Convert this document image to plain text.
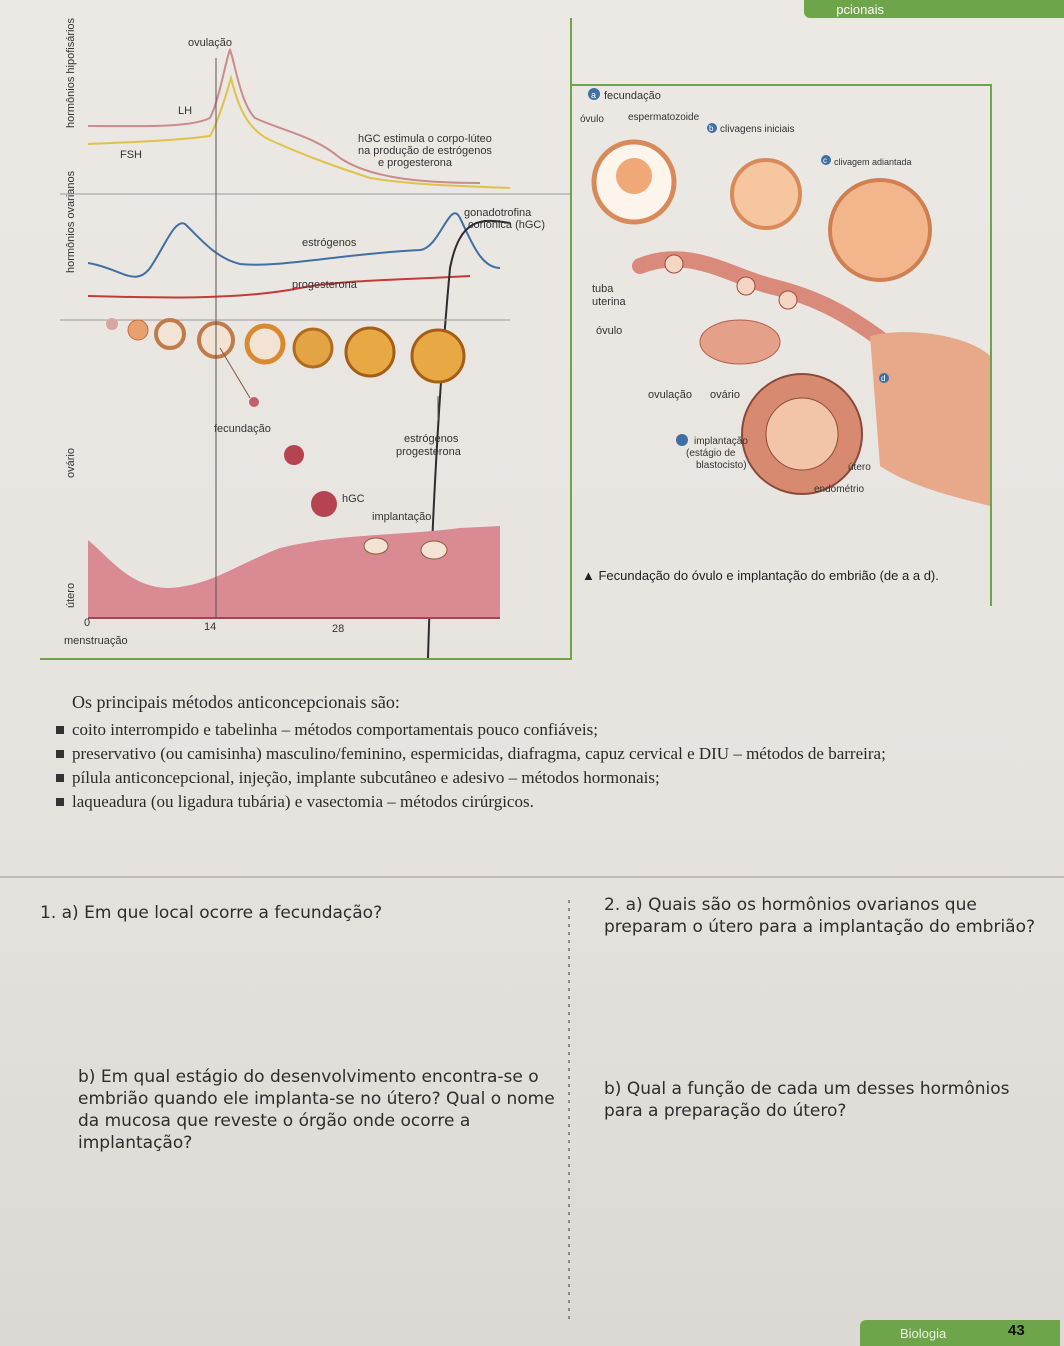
pcionais
hormônios hipofisários
hormônios ovarianos
ovário
útero
ovulação
LH
FSH
hGC estimula o corpo-lúteo
na produção de estrógenos
e progesterona
estrógenos
progesterona
gonadotrofina
coriônica (hGC)
fecundação
estrógenos
progesterona
hGC
implantação
0	14	28
menstruação
a fecundação
óvulo espermatozoide
b clivagens iniciais
c clivagem adiantada
tuba
uterina
óvulo
ovulação ovário
d
implantação
(estágio de
blastocisto)	útero
endométrio
▲ Fecundação do óvulo e implantação do embrião (de a a d).
Os principais métodos anticoncepcionais são:
coito interrompido e tabelinha – métodos comportamentais pouco confiáveis;
preservativo (ou camisinha) masculino/feminino, espermicidas, diafragma, capuz cervical e DIU – métodos de barreira;
pílula anticoncepcional, injeção, implante subcutâneo e adesivo – métodos hormonais;
laqueadura (ou ligadura tubária) e vasectomia – métodos cirúrgicos.
1. a) Em que local ocorre a fecundação?
b) Em qual estágio do desenvolvimento encontra-se o embrião quando ele implanta-se no útero? Qual o nome da mucosa que reveste o órgão onde ocorre a implantação?
2. a) Quais são os hormônios ovarianos que preparam o útero para a implantação do embrião?
b) Qual a função de cada um desses hormônios para a preparação do útero?
Biologia	43
